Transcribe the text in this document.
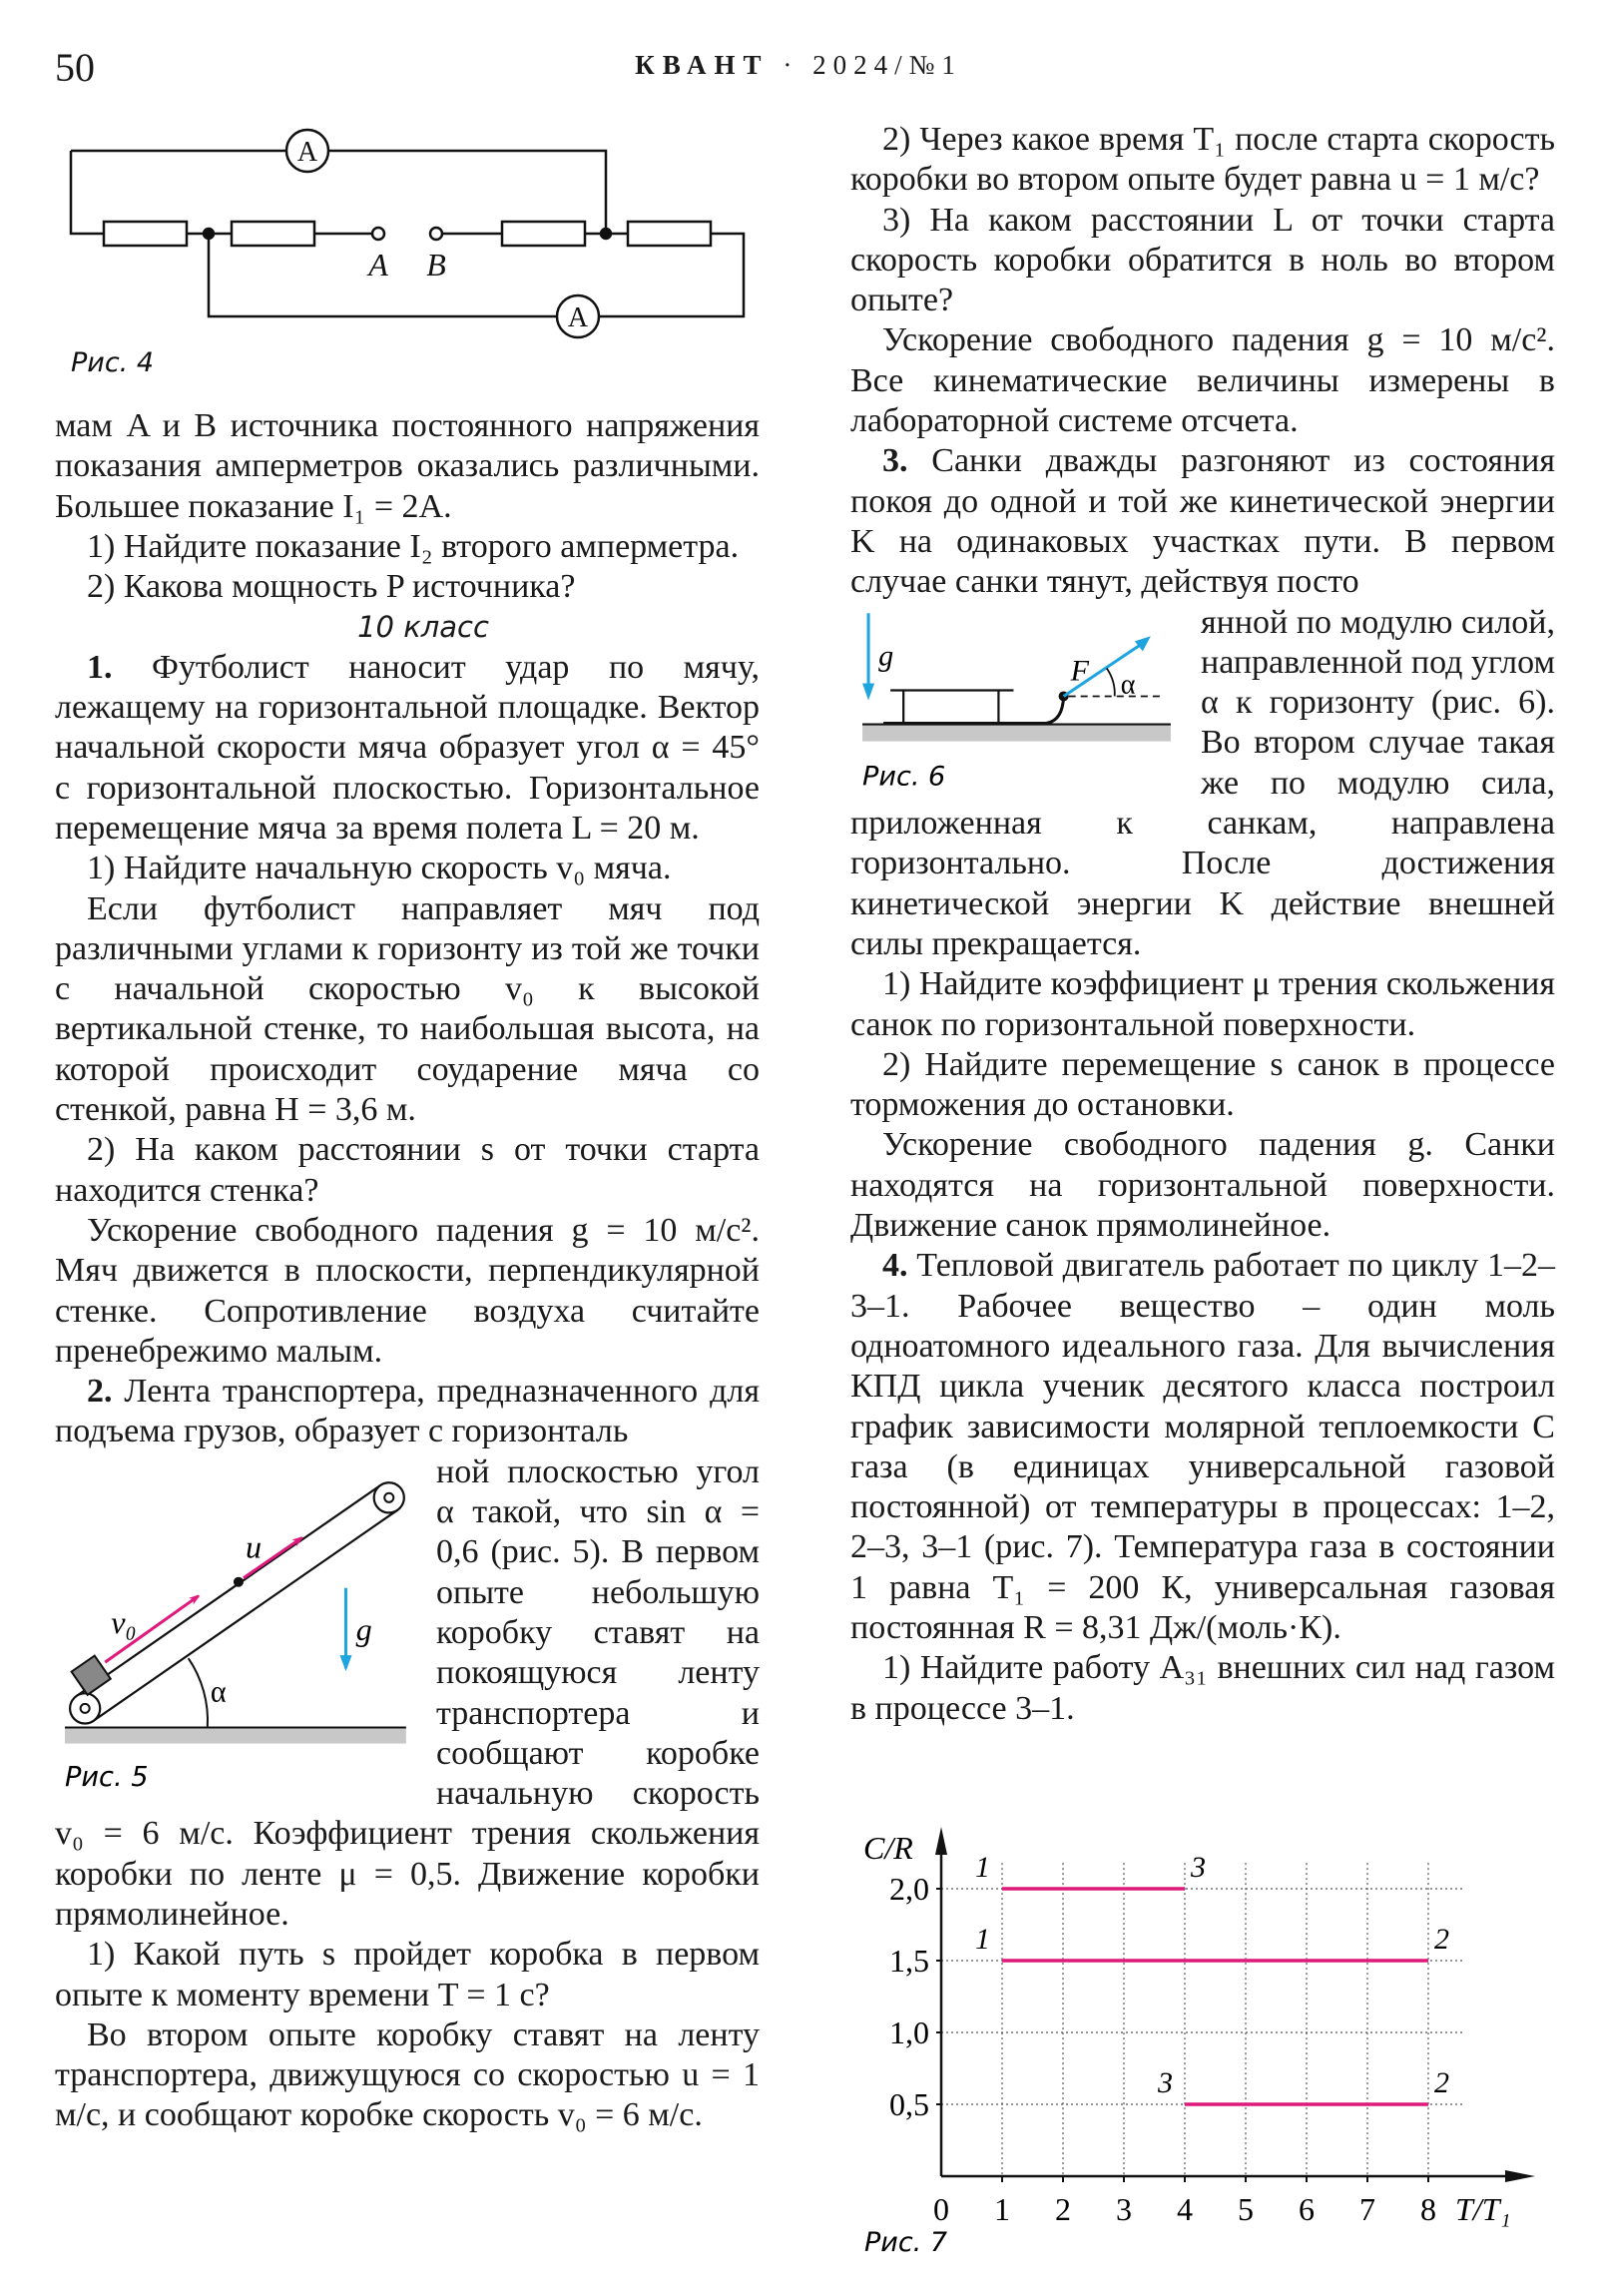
50	КВАНТ · 2024/№1
A
A
A B
Рис. 4

мам A и B источника постоянного напряжения показания амперметров оказались различными. Большее показание I₁ = 2А.

1) Найдите показание I₂ второго амперметра.

2) Какова мощность P источника?

10 класс

1. Футболист наносит удар по мячу, лежащему на горизонтальной площадке. Вектор начальной скорости мяча образует угол α = 45° с горизонтальной плоскостью. Горизонтальное перемещение мяча за время полета L = 20 м.

1) Найдите начальную скорость v₀ мяча.

Если футболист направляет мяч под различными углами к горизонту из той же точки с начальной скоростью v₀ к высокой вертикальной стенке, то наибольшая высота, на которой происходит соударение мяча со стенкой, равна H = 3,6 м.

2) На каком расстоянии s от точки старта находится стенка?

Ускорение свободного падения g = 10 м/с². Мяч движется в плоскости, перпендикулярной стенке. Сопротивление воздуха считайте пренебрежимо малым.

2. Лента транспортера, предназначенного для подъема грузов, образует с горизонталь

v₀
u
g
α
Рис. 5

ной плоскостью угол α такой, что sin α = 0,6 (рис. 5). В первом опыте небольшую коробку ставят на покоящуюся ленту транспортера и сообщают коробке начальную скорость v₀ = 6 м/с. Коэффициент трения скольжения коробки по ленте μ = 0,5. Движение коробки прямолинейное.

1) Какой путь s пройдет коробка в первом опыте к моменту времени T = 1 с?

Во втором опыте коробку ставят на ленту транспортера, движущуюся со скоростью u = 1 м/с, и сообщают коробке скорость v₀ = 6 м/с.

2) Через какое время T₁ после старта скорость коробки во втором опыте будет равна u = 1 м/с?

3) На каком расстоянии L от точки старта скорость коробки обратится в ноль во втором опыте?

Ускорение свободного падения g = 10 м/с². Все кинематические величины измерены в лабораторной системе отсчета.

3. Санки дважды разгоняют из состояния покоя до одной и той же кинетической энергии K на одинаковых участках пути. В первом случае санки тянут, действуя посто

g	F α
Рис. 6

янной по модулю силой, направленной под углом α к горизонту (рис. 6). Во втором случае такая же по модулю сила, приложенная к санкам, направлена горизонтально. После достижения кинетической энергии K действие внешней силы прекращается.

1) Найдите коэффициент μ трения скольжения санок по горизонтальной поверхности.

2) Найдите перемещение s санок в процессе торможения до остановки.

Ускорение свободного падения g. Санки находятся на горизонтальной поверхности. Движение санок прямолинейное.

4. Тепловой двигатель работает по циклу 1–2–3–1. Рабочее вещество – один моль одноатомного идеального газа. Для вычисления КПД цикла ученик десятого класса построил график зависимости молярной теплоемкости C газа (в единицах универсальной газовой постоянной) от температуры в процессах: 1–2, 2–3, 3–1 (рис. 7). Температура газа в состоянии 1 равна T₁ = 200 К, универсальная газовая постоянная R = 8,31 Дж/(моль·К).

1) Найдите работу A₃₁ внешних сил над газом в процессе 3–1.

0,5
1,0
1,5
2,0
0 1 2 3 4 5 6 7 8
C/R
T/T₁
1	3
1	2
3	2
Рис. 7
